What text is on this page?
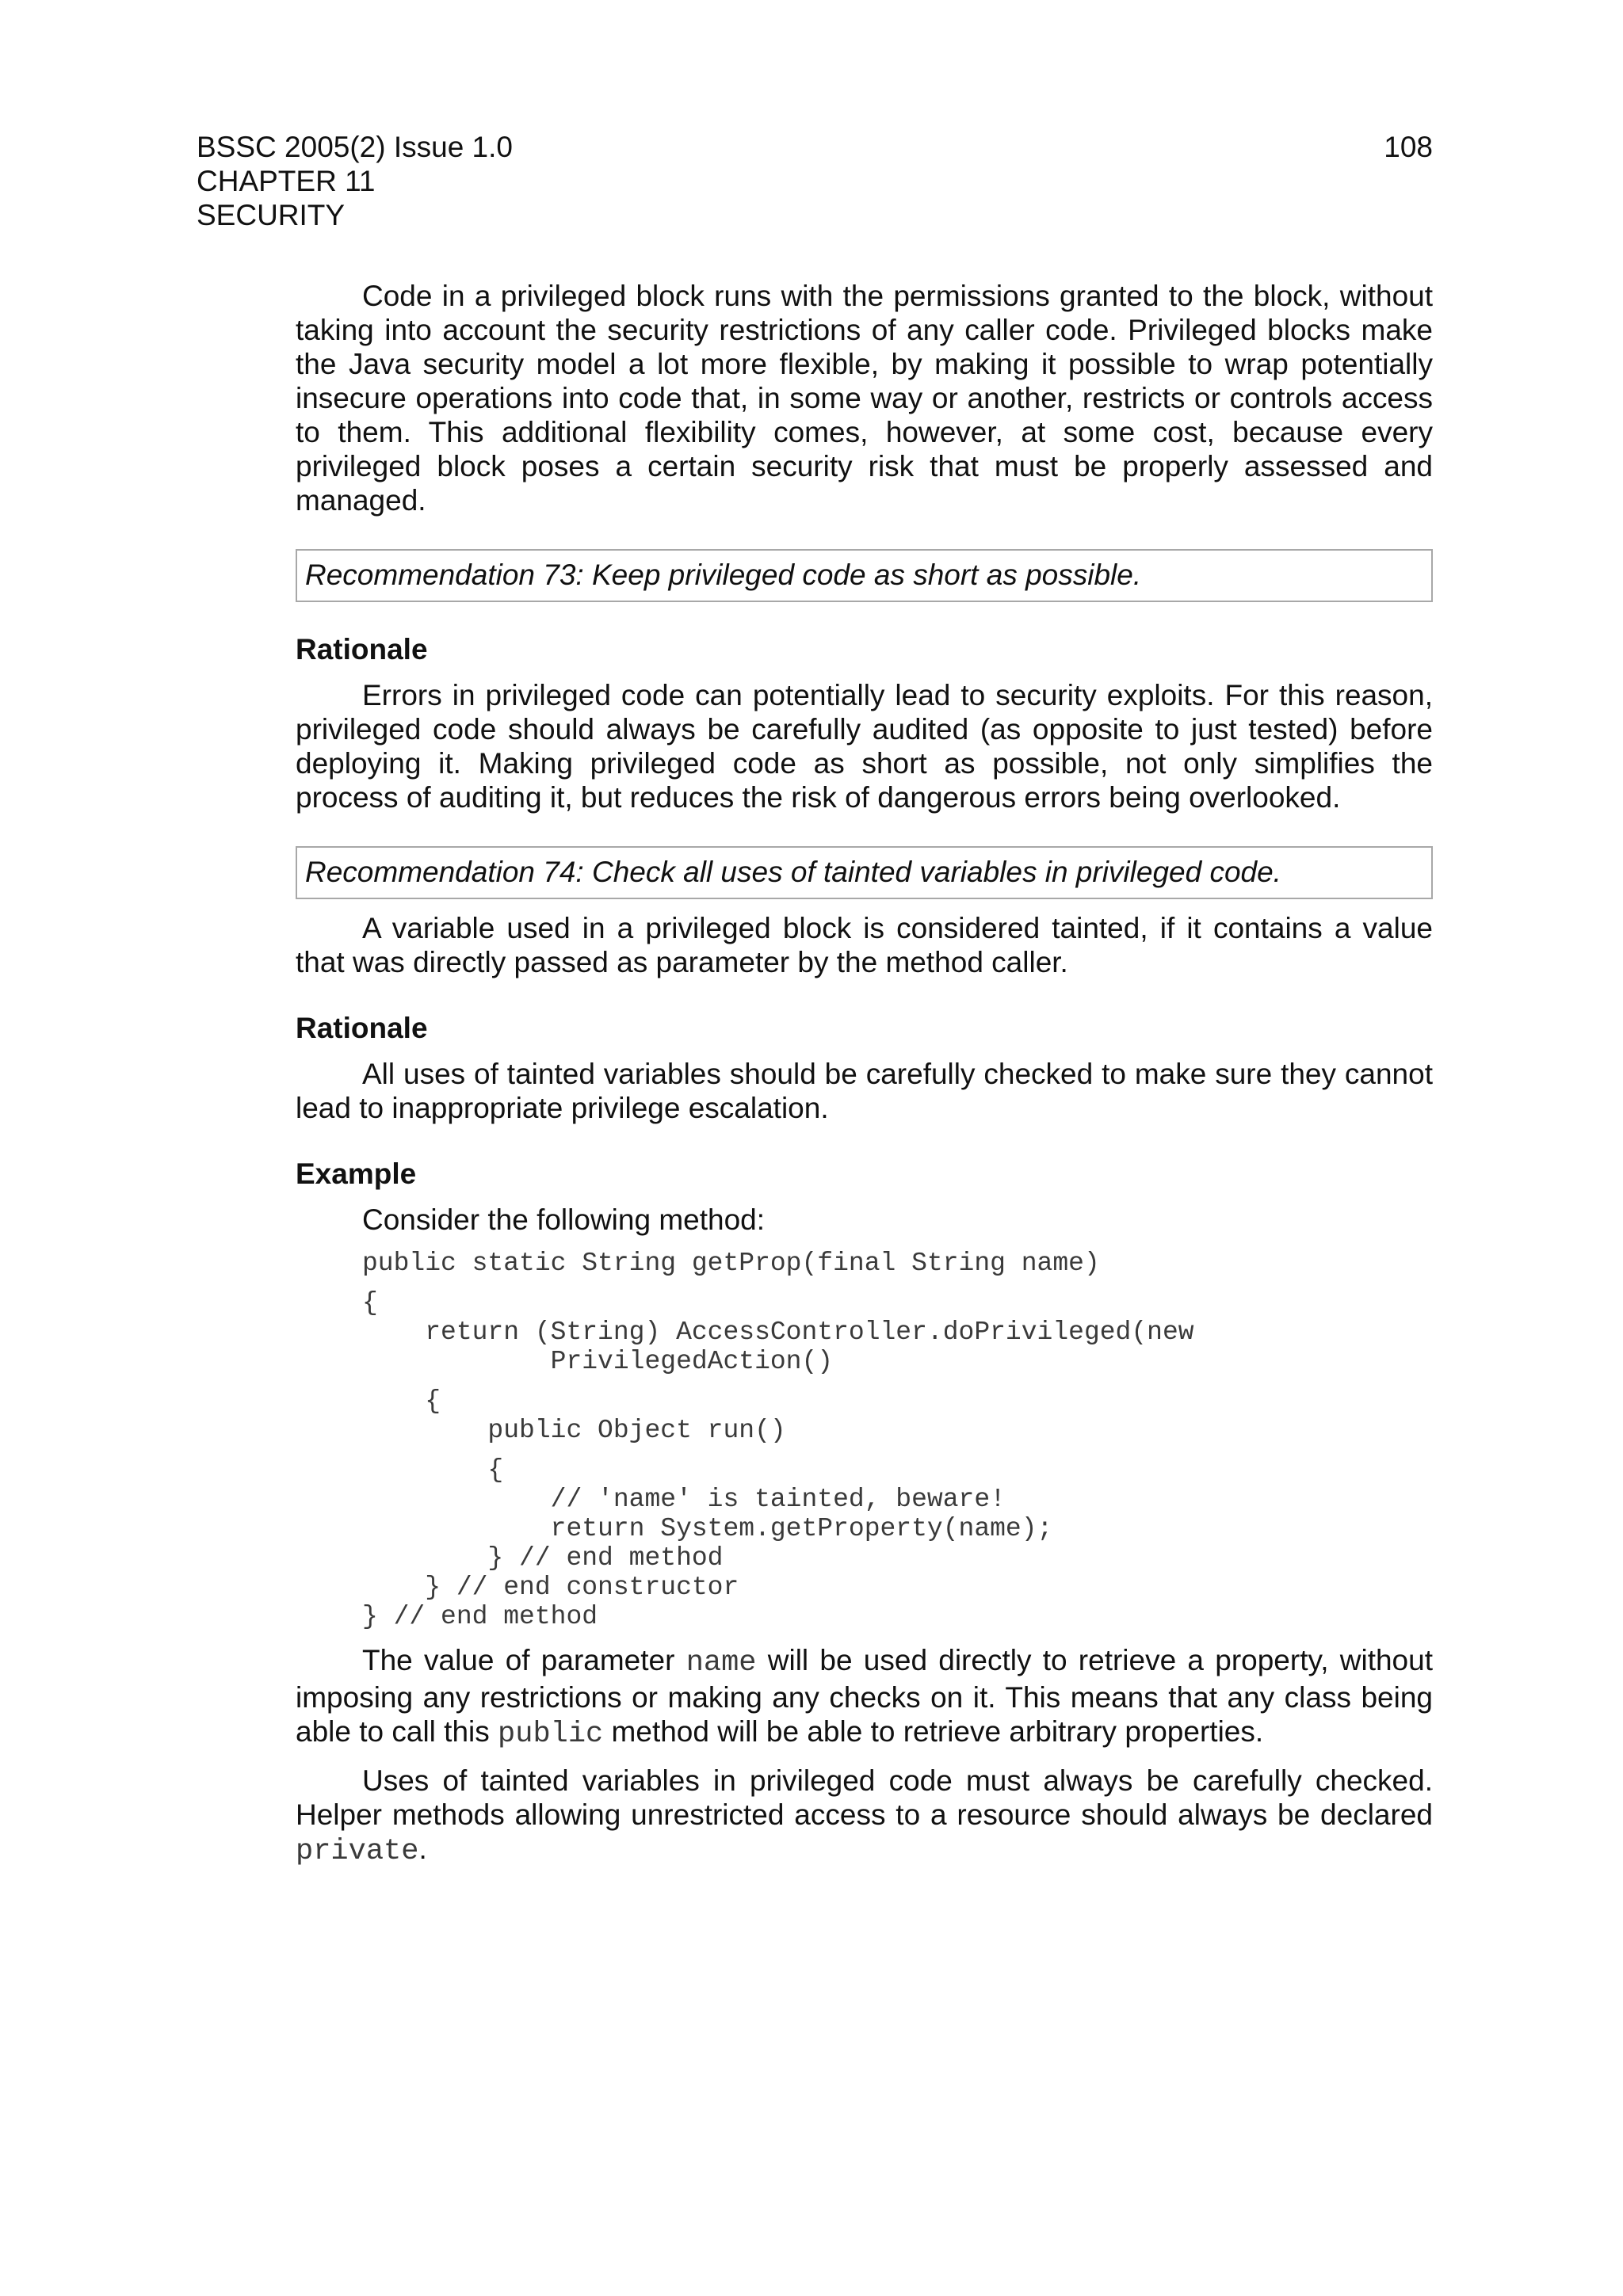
BSSC 2005(2) Issue 1.0
CHAPTER 11
SECURITY
108

Code in a privileged block runs with the permissions granted to the block, without taking into account the security restrictions of any caller code. Privileged blocks make the Java security model a lot more flexible, by making it possible to wrap potentially insecure operations into code that, in some way or another, restricts or controls access to them. This additional flexibility comes, however, at some cost, because every privileged block poses a certain security risk that must be properly assessed and managed.

Recommendation 73: Keep privileged code as short as possible.
Rationale

Errors in privileged code can potentially lead to security exploits. For this reason, privileged code should always be carefully audited (as opposite to just tested) before deploying it. Making privileged code as short as possible, not only simplifies the process of auditing it, but reduces the risk of dangerous errors being overlooked.

Recommendation 74: Check all uses of tainted variables in privileged code.

A variable used in a privileged block is considered tainted, if it contains a value that was directly passed as parameter by the method caller.

Rationale

All uses of tainted variables should be carefully checked to make sure they cannot lead to inappropriate privilege escalation.

Example

Consider the following method:

public static String getProp(final String name)
{
return (String) AccessController.doPrivileged(new
PrivilegedAction()
{
public Object run()
{
// 'name' is tainted, beware!
return System.getProperty(name);
} // end method
} // end constructor
} // end method

The value of parameter name will be used directly to retrieve a property, without imposing any restrictions or making any checks on it. This means that any class being able to call this public method will be able to retrieve arbitrary properties.

Uses of tainted variables in privileged code must always be carefully checked. Helper methods allowing unrestricted access to a resource should always be declared private.
